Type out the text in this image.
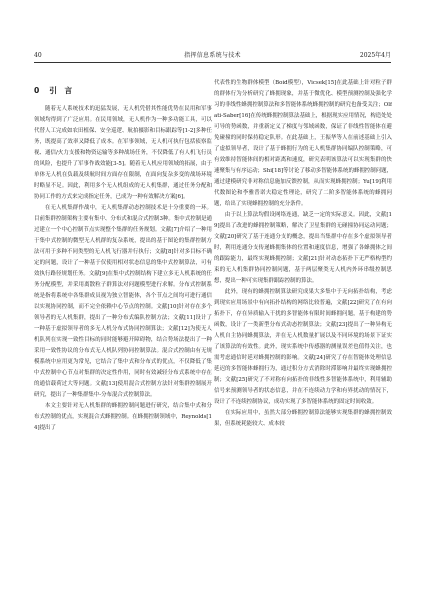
40	指挥信息系统与技术	2025年4月
0 引　言

随着无人系统技术的迅猛发展，无人机凭借其性能优势在民用和军事领域均得到了广泛应用。在民用领域，无人机作为一种多功能工具，可以代替人工完成如农田植保、安全巡逻、航拍摄影和目标跟踪等[1-2]多种任务，既提高了效率又降低了成本。在军事领域，无人机可执行包括侦察监视、通信/火力支援和物资运输等多种战场任务，不仅降低了有人机飞行员的风险，也提升了军事作战效能[3-5]。随着无人机应用领域的拓展，由于单体无人机在负载及续航时间方面存在限制，在面向复杂多变的战场环境时略显不足。因此，利用多个无人机组成的无人机集群，通过任务分配和协同工作的方式来完成指定任务，已成为一种有效解决方案[6]。

在无人机集群作战中，无人机集群动态控制技术是十分重要的一环。目前集群控制架构主要有集中、分布式和混合式控制3种。集中式控制是通过建立一个中心控制节点实现整个集群的任务规划。文献[7]介绍了一种用于集中式控制的微型无人机群的复杂系统，提出的基于图论的集群控制方法可用于多种不同类型的无人机飞行器并行执行；文献[8]针对多目标不确定的问题，设计了一种基于仅使用相对状态信息的集中式控制算法，可有效执行路径规划任务。文献[9]在集中式控制结构下建立多无人机系统的任务分配模型，并采用离散粒子群算法对问题模型进行求解。分布式控制系统是指将系统中各集群成员视为独立智能体，各个节点之间均可进行通信以实现协同控制，而不完全依赖中心节点的控制。文献[10]针对存在多个领导者的无人机集群，提出了一种分布式编队控制方法；文献[11]设计了一种基于虚拟领导者的多无人机分布式协同控制算法；文献[12]为使无人机队列在实现一致性目标的同时能够避开障碍物，结合势场法提出了一种采用一致性协议的分布式无人机队列协同控制算法。混合式控制由有无规模系统中应用更为常见，它结合了集中式和分布式的优点，不仅降低了集中式控制中心节点对集群的决定性作用，同时有效减轻分布式系统中存在的通信载荷过大等问题。文献[13]使用混合式控制方法针对集群控制展开研究，提出了一种集群集中-分布混合式控制算法。

本文主要针对无人机集群的蜂拥控制问题进行研究，结合集中式和分布式控制的优点，实现混合式蜂拥控制。在蜂拥控制领域中，Reynolds[14]提出了

代表性的生物群体模型（Boid模型），Vicsek[15]在此基础上针对粒子群的群体行为分析研究了蜂拥现象，并基于微优化、模型预测控制及强化学习的非线性蜂拥控制算法和多智能体系统蜂拥控制的研究也备受关注；Olfati-Saber[16]在传统蜂拥控制算法基础上，根据现实应用情况，构造处处可导的势函数，并重新定义了梯度与邻域函数，保证了非线性智能体在避免碰撞的同时保持稳定队形。在此基础上，王振华等人在前述基础上引入了虚拟领导者，设计了基于蜂拥行为的无人机集群协同编队控制策略，可有效维持智能体间的相对距离和速度，研究表明该算法可以实现集群的快速聚集与有序运动；Shi[18]等讨论了移动多智能体系统的蜂拥控制问题，通过建模研究非对称信息施加反馈控制，从而实现蜂拥控制；Yu[19]利用代数图论和李雅普诺夫稳定性理论，研究了二阶多智能体系统的蜂拥问题，给出了实现蜂拥控制的充分条件。

由于以上算法均假设网络连通，缺乏一定的实际意义。因此，文献[19]提出了改进的蜂拥控制策略，解决了卫星集群的无碰撞协同运动问题；文献[20]研究了基于连通分支的概念，提出当集群中存在多个虚拟领导者时，利用连通分支传递蜂拥集体的位置和速度信息，增强了各蜂拥体之间的跟踪能力，最终实现蜂拥控制；文献[21]针对动态拓扑下无严格构型约束的无人机集群协同控制问题，基于两层聚类无人机内外环串级控制思想，提出一种可实现集群跟踪控制的算法。

此外，现有的蜂拥控制算法研究成果大多集中于无向拓扑结构，考虑到现实应用场景中有向拓扑结构的网络比较普遍，文献[22]研究了在有向拓扑下，存在异质输入干扰的多智能体有限时间蜂拥问题，基于构建的势函数，设计了一类新型分布式动态控制算法；文献[23]提出了一种异构无人机自主协同蜂拥算法，并在无人机数量扩展以及不同环境的场景下证实了该算法的有效性。此外，现实系统中传感器的测量误差也值得关注，也需考虑通信时延对蜂拥控制的影响。文献[24]研究了存在智能体处理信息延迟的多智能体蜂拥行为，通过积分方式消除时滞影响并最终实现蜂拥控制；文献[25]研究了不对称有向拓扑的非线性多智能体系统中，利用辅助信号来预测领导者的状态信息，并在不连续动力学和有界扰动的情况下，设计了不连续控制协议，成功实现了多智能体系统的固定时间收敛。

在实际应用中，虽然大部分蜂拥控制算法能够实现集群的蜂拥控制效果，但系统耗能较大、成本较
